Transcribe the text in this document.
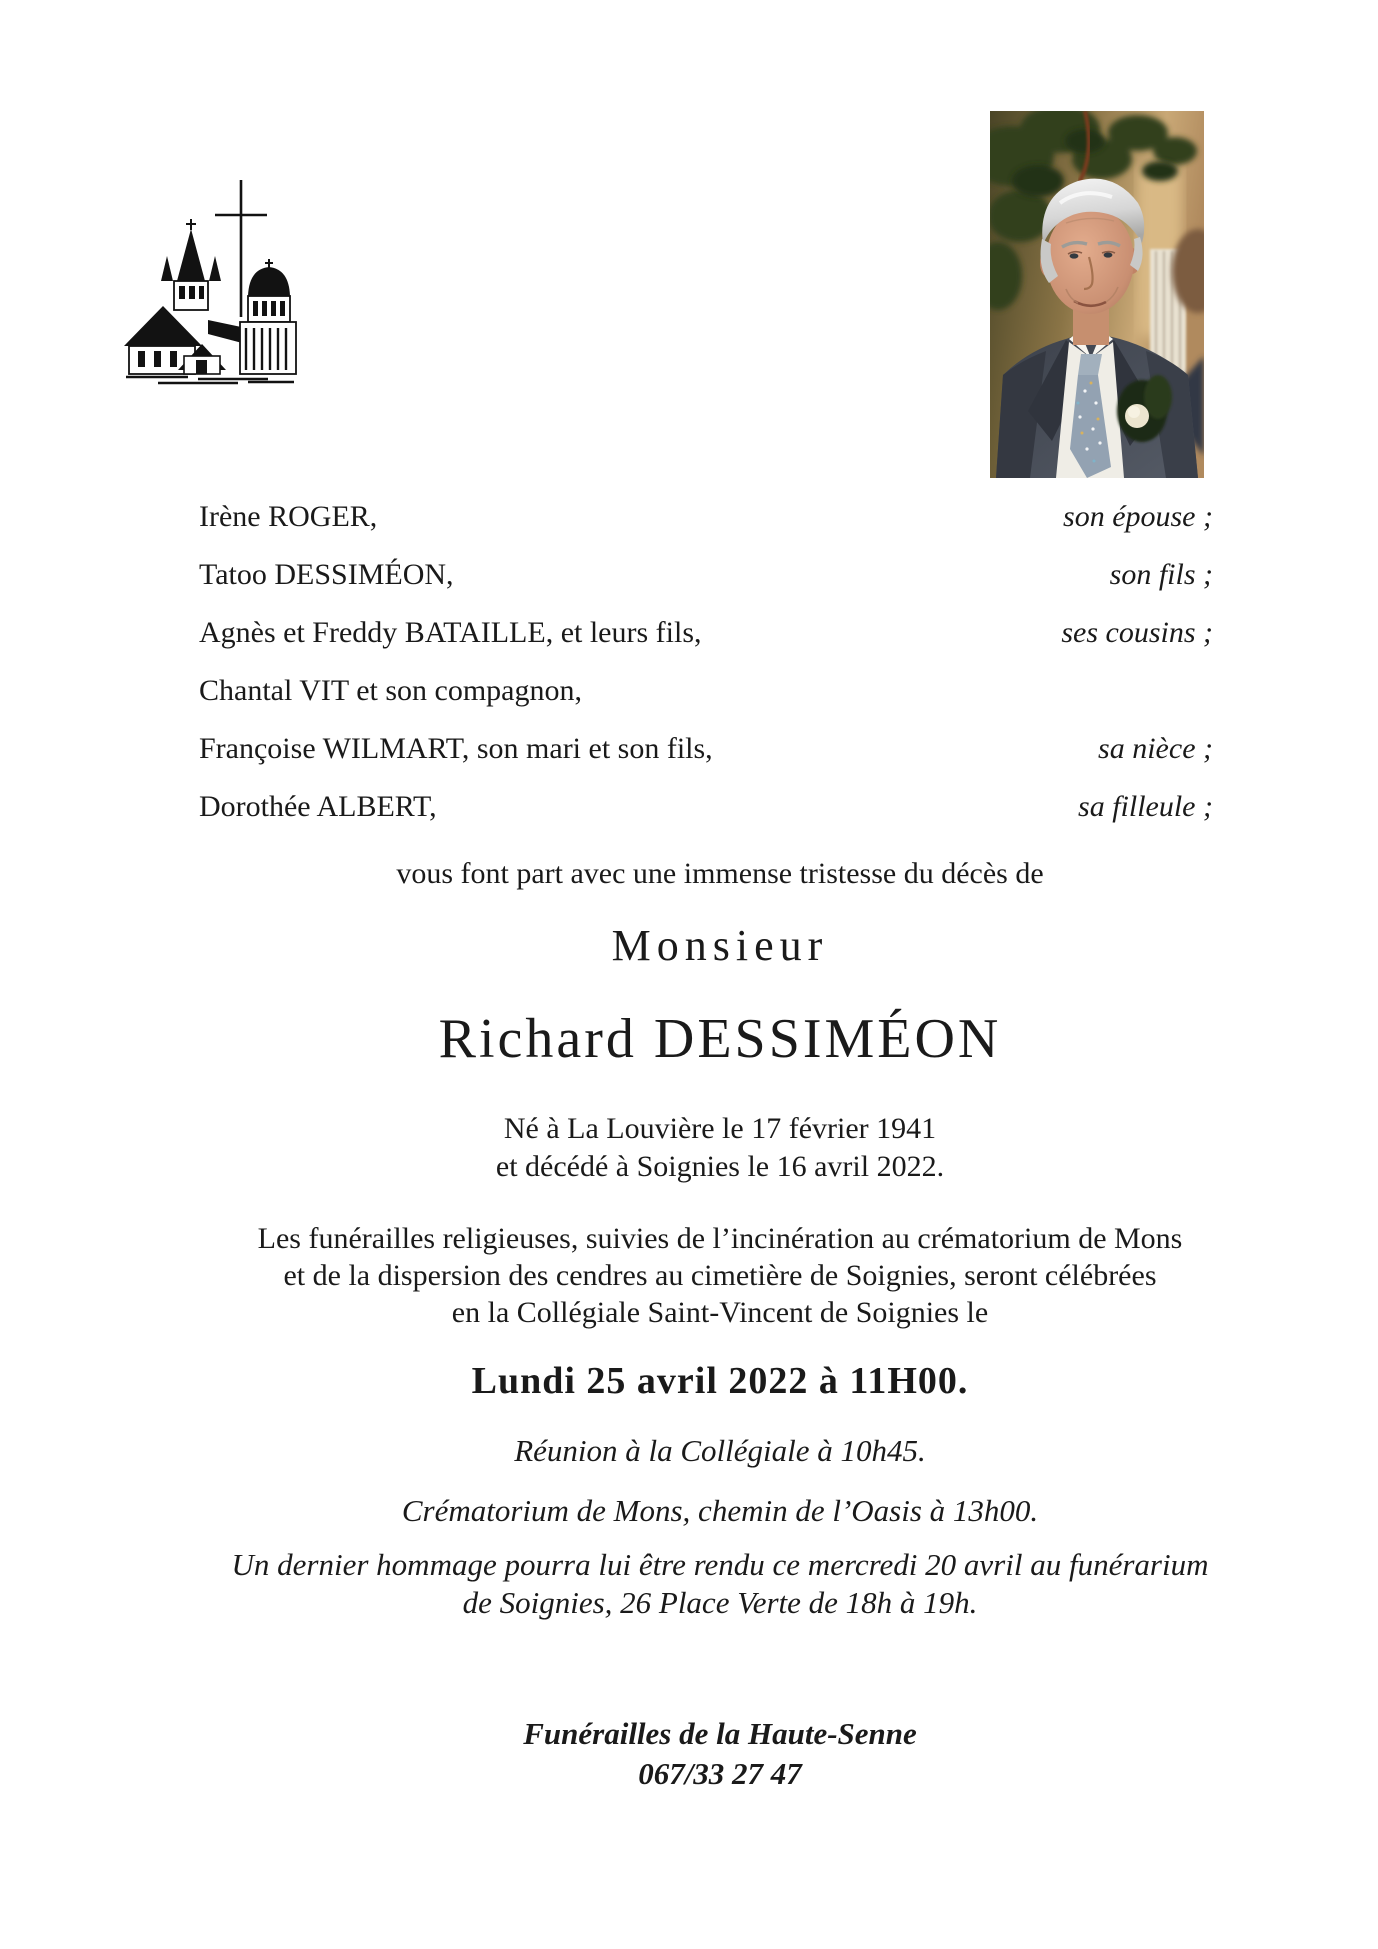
Irène ROGER,	son épouse ;
Tatoo DESSIMÉON,	son fils ;
Agnès et Freddy BATAILLE, et leurs fils,	ses cousins ;
Chantal VIT et son compagnon,
Françoise WILMART, son mari et son fils,	sa nièce ;
Dorothée ALBERT,	sa filleule ;
vous font part avec une immense tristesse du décès de
Monsieur
Richard DESSIMÉON
Né à La Louvière le 17 février 1941
et décédé à Soignies le 16 avril 2022.
Les funérailles religieuses, suivies de l’incinération au crématorium de Mons
et de la dispersion des cendres au cimetière de Soignies, seront célébrées
en la Collégiale Saint-Vincent de Soignies le
Lundi 25 avril 2022 à 11H00.
Réunion à la Collégiale à 10h45.
Crématorium de Mons, chemin de l’Oasis à 13h00.
Un dernier hommage pourra lui être rendu ce mercredi 20 avril au funérarium
de Soignies, 26 Place Verte de 18h à 19h.
Funérailles de la Haute-Senne
067/33 27 47
